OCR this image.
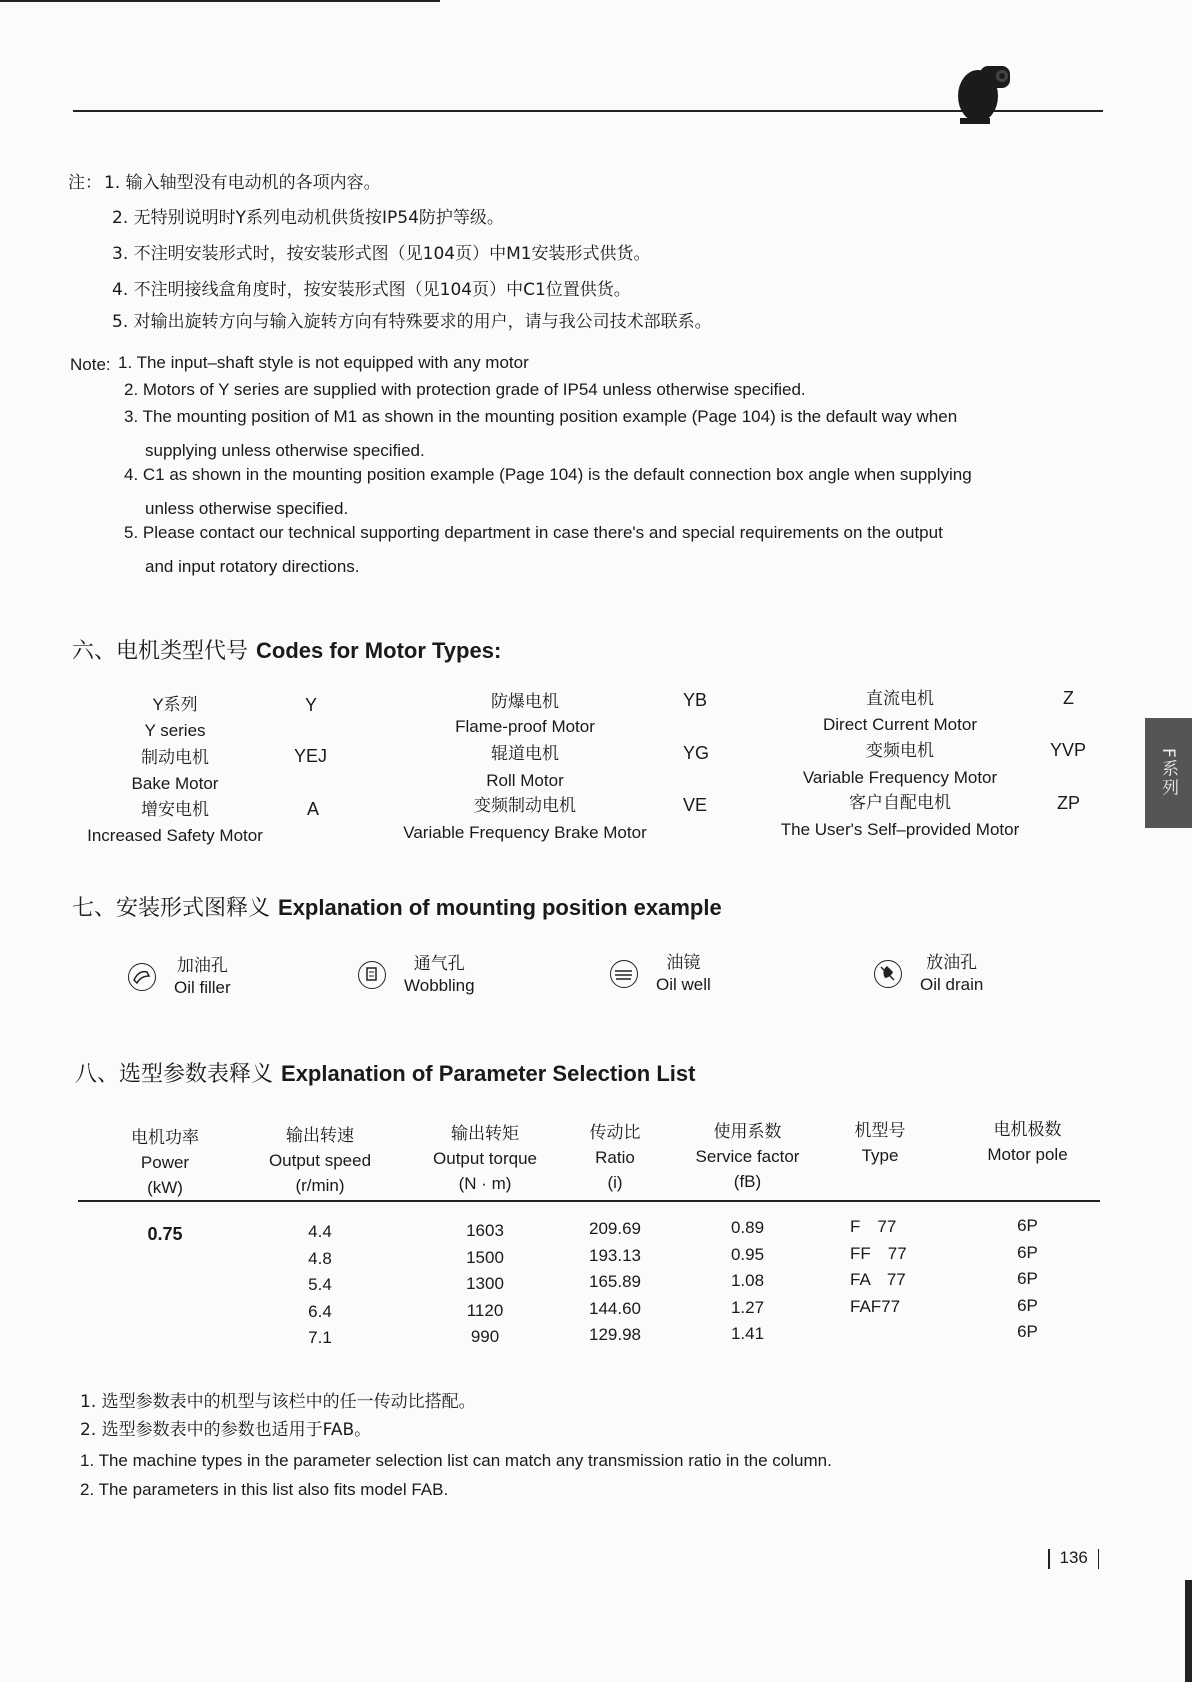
F系列
注： 1. 输入轴型没有电动机的各项内容。
2. 无特别说明时Y系列电动机供货按IP54防护等级。
3. 不注明安装形式时，按安装形式图（见104页）中M1安装形式供货。
4. 不注明接线盒角度时，按安装形式图（见104页）中C1位置供货。
5. 对输出旋转方向与输入旋转方向有特殊要求的用户，请与我公司技术部联系。
Note: 1. The input–shaft style is not equipped with any motor
2. Motors of Y series are supplied with protection grade of IP54 unless otherwise specified.
3. The mounting position of M1 as shown in the mounting position example (Page 104) is the default way when
supplying unless otherwise specified.
4. C1 as shown in the mounting position example (Page 104) is the default connection box angle when supplying
unless otherwise specified.
5. Please contact our technical supporting department in case there's and special requirements on the output
and input rotatory directions.
六、电机类型代号 Codes for Motor Types:
Y系列
Y series
Y
制动电机
Bake Motor
YEJ
增安电机
Increased Safety Motor
A
防爆电机
Flame-proof Motor
YB
辊道电机
Roll Motor
YG
变频制动电机
Variable Frequency Brake Motor
VE
直流电机
Direct Current Motor
Z
变频电机
Variable Frequency Motor
YVP
客户自配电机
The User's Self–provided Motor
ZP
七、安装形式图释义 Explanation of mounting position example
加油孔
Oil filler
通气孔
Wobbling
油镜
Oil well
放油孔
Oil drain
八、选型参数表释义 Explanation of Parameter Selection List
电机功率
Power
(kW)
输出转速
Output speed
(r/min)
输出转矩
Output torque
(N · m)
传动比
Ratio
(i)
使用系数
Service factor
(fB)
机型号
Type
电机极数
Motor pole
0.75	4.4
4.8
5.4
6.4
7.1
1603
1500
1300
1120
990
209.69
193.13
165.89
144.60
129.98
0.89
0.95
1.08
1.27
1.41
F　77
FF　77
FA　77
FAF77
6P
6P
6P
6P
6P
1. 选型参数表中的机型与该栏中的任一传动比搭配。
2. 选型参数表中的参数也适用于FAB。
1. The machine types in the parameter selection list can match any transmission ratio in the column.
2. The parameters in this list also fits model FAB.
136
